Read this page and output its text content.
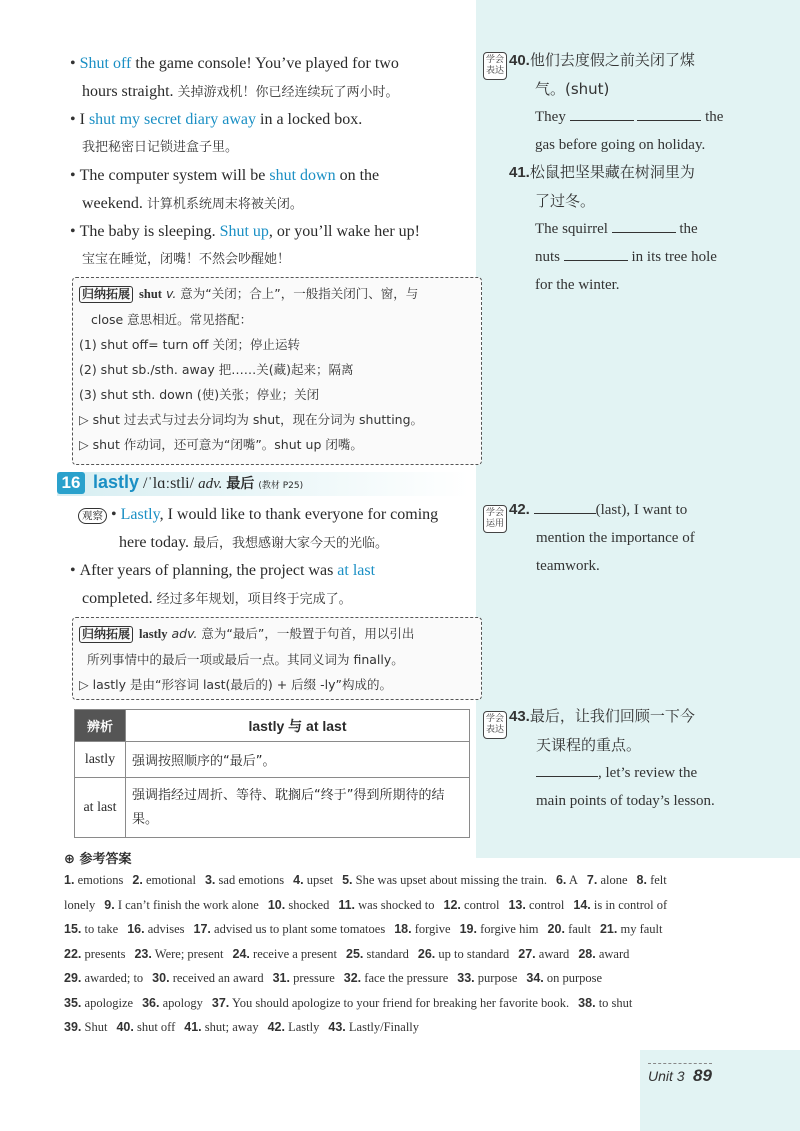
• Shut off the game console! You’ve played for two
hours straight. 关掉游戏机！你已经连续玩了两小时。
• I shut my secret diary away in a locked box.
我把秘密日记锁进盒子里。
• The computer system will be shut down on the
weekend. 计算机系统周末将被关闭。
• The baby is sleeping. Shut up, or you’ll wake her up!
宝宝在睡觉，闭嘴！不然会吵醒她！
归纳拓展 shut v. 意为“关闭；合上”，一般指关闭门、窗，与
close 意思相近。常见搭配：
(1) shut off= turn off 关闭；停止运转
(2) shut sb./sth. away 把……关(藏)起来；隔离
(3) shut sth. down (使)关张；停业；关闭
▷ shut 过去式与过去分词均为 shut，现在分词为 shutting。
▷ shut 作动词，还可意为“闭嘴”。shut up 闭嘴。
16 lastly /ˈlɑːstli/ adv. 最后 (教材 P25)
观察 • Lastly, I would like to thank everyone for coming
here today. 最后，我想感谢大家今天的光临。
• After years of planning, the project was at last
completed. 经过多年规划，项目终于完成了。
归纳拓展 lastly adv. 意为“最后”，一般置于句首，用以引出
所列事情中的最后一项或最后一点。其同义词为 finally。
▷ lastly 是由“形容词 last(最后的) + 后缀 -ly”构成的。
辨析	lastly 与 at last
lastly	强调按照顺序的“最后”。
at last	强调指经过周折、等待、耽搁后“终于”得到所期待的结果。
学会表达
40.他们去度假之前关闭了煤
气。(shut)
They	the
gas before going on holiday.
41.松鼠把坚果藏在树洞里为
了过冬。
The squirrel	the
nuts	in its tree hole
for the winter.
学会运用
42.	(last), I want to
mention the importance of
teamwork.
学会表达
43.最后，让我们回顾一下今
天课程的重点。
, let’s review the
main points of today’s lesson.
⊕ 参考答案
1. emotions 2. emotional 3. sad emotions 4. upset 5. She was upset about missing the train. 6. A 7. alone 8. felt
lonely 9. I can’t finish the work alone 10. shocked 11. was shocked to 12. control 13. control 14. is in control of
15. to take 16. advises 17. advised us to plant some tomatoes 18. forgive 19. forgive him 20. fault 21. my fault
22. presents 23. Were; present 24. receive a present 25. standard 26. up to standard 27. award 28. award
29. awarded; to 30. received an award 31. pressure 32. face the pressure 33. purpose 34. on purpose
35. apologize 36. apology 37. You should apologize to your friend for breaking her favorite book. 38. to shut
39. Shut 40. shut off 41. shut; away 42. Lastly 43. Lastly/Finally
Unit 3 89
